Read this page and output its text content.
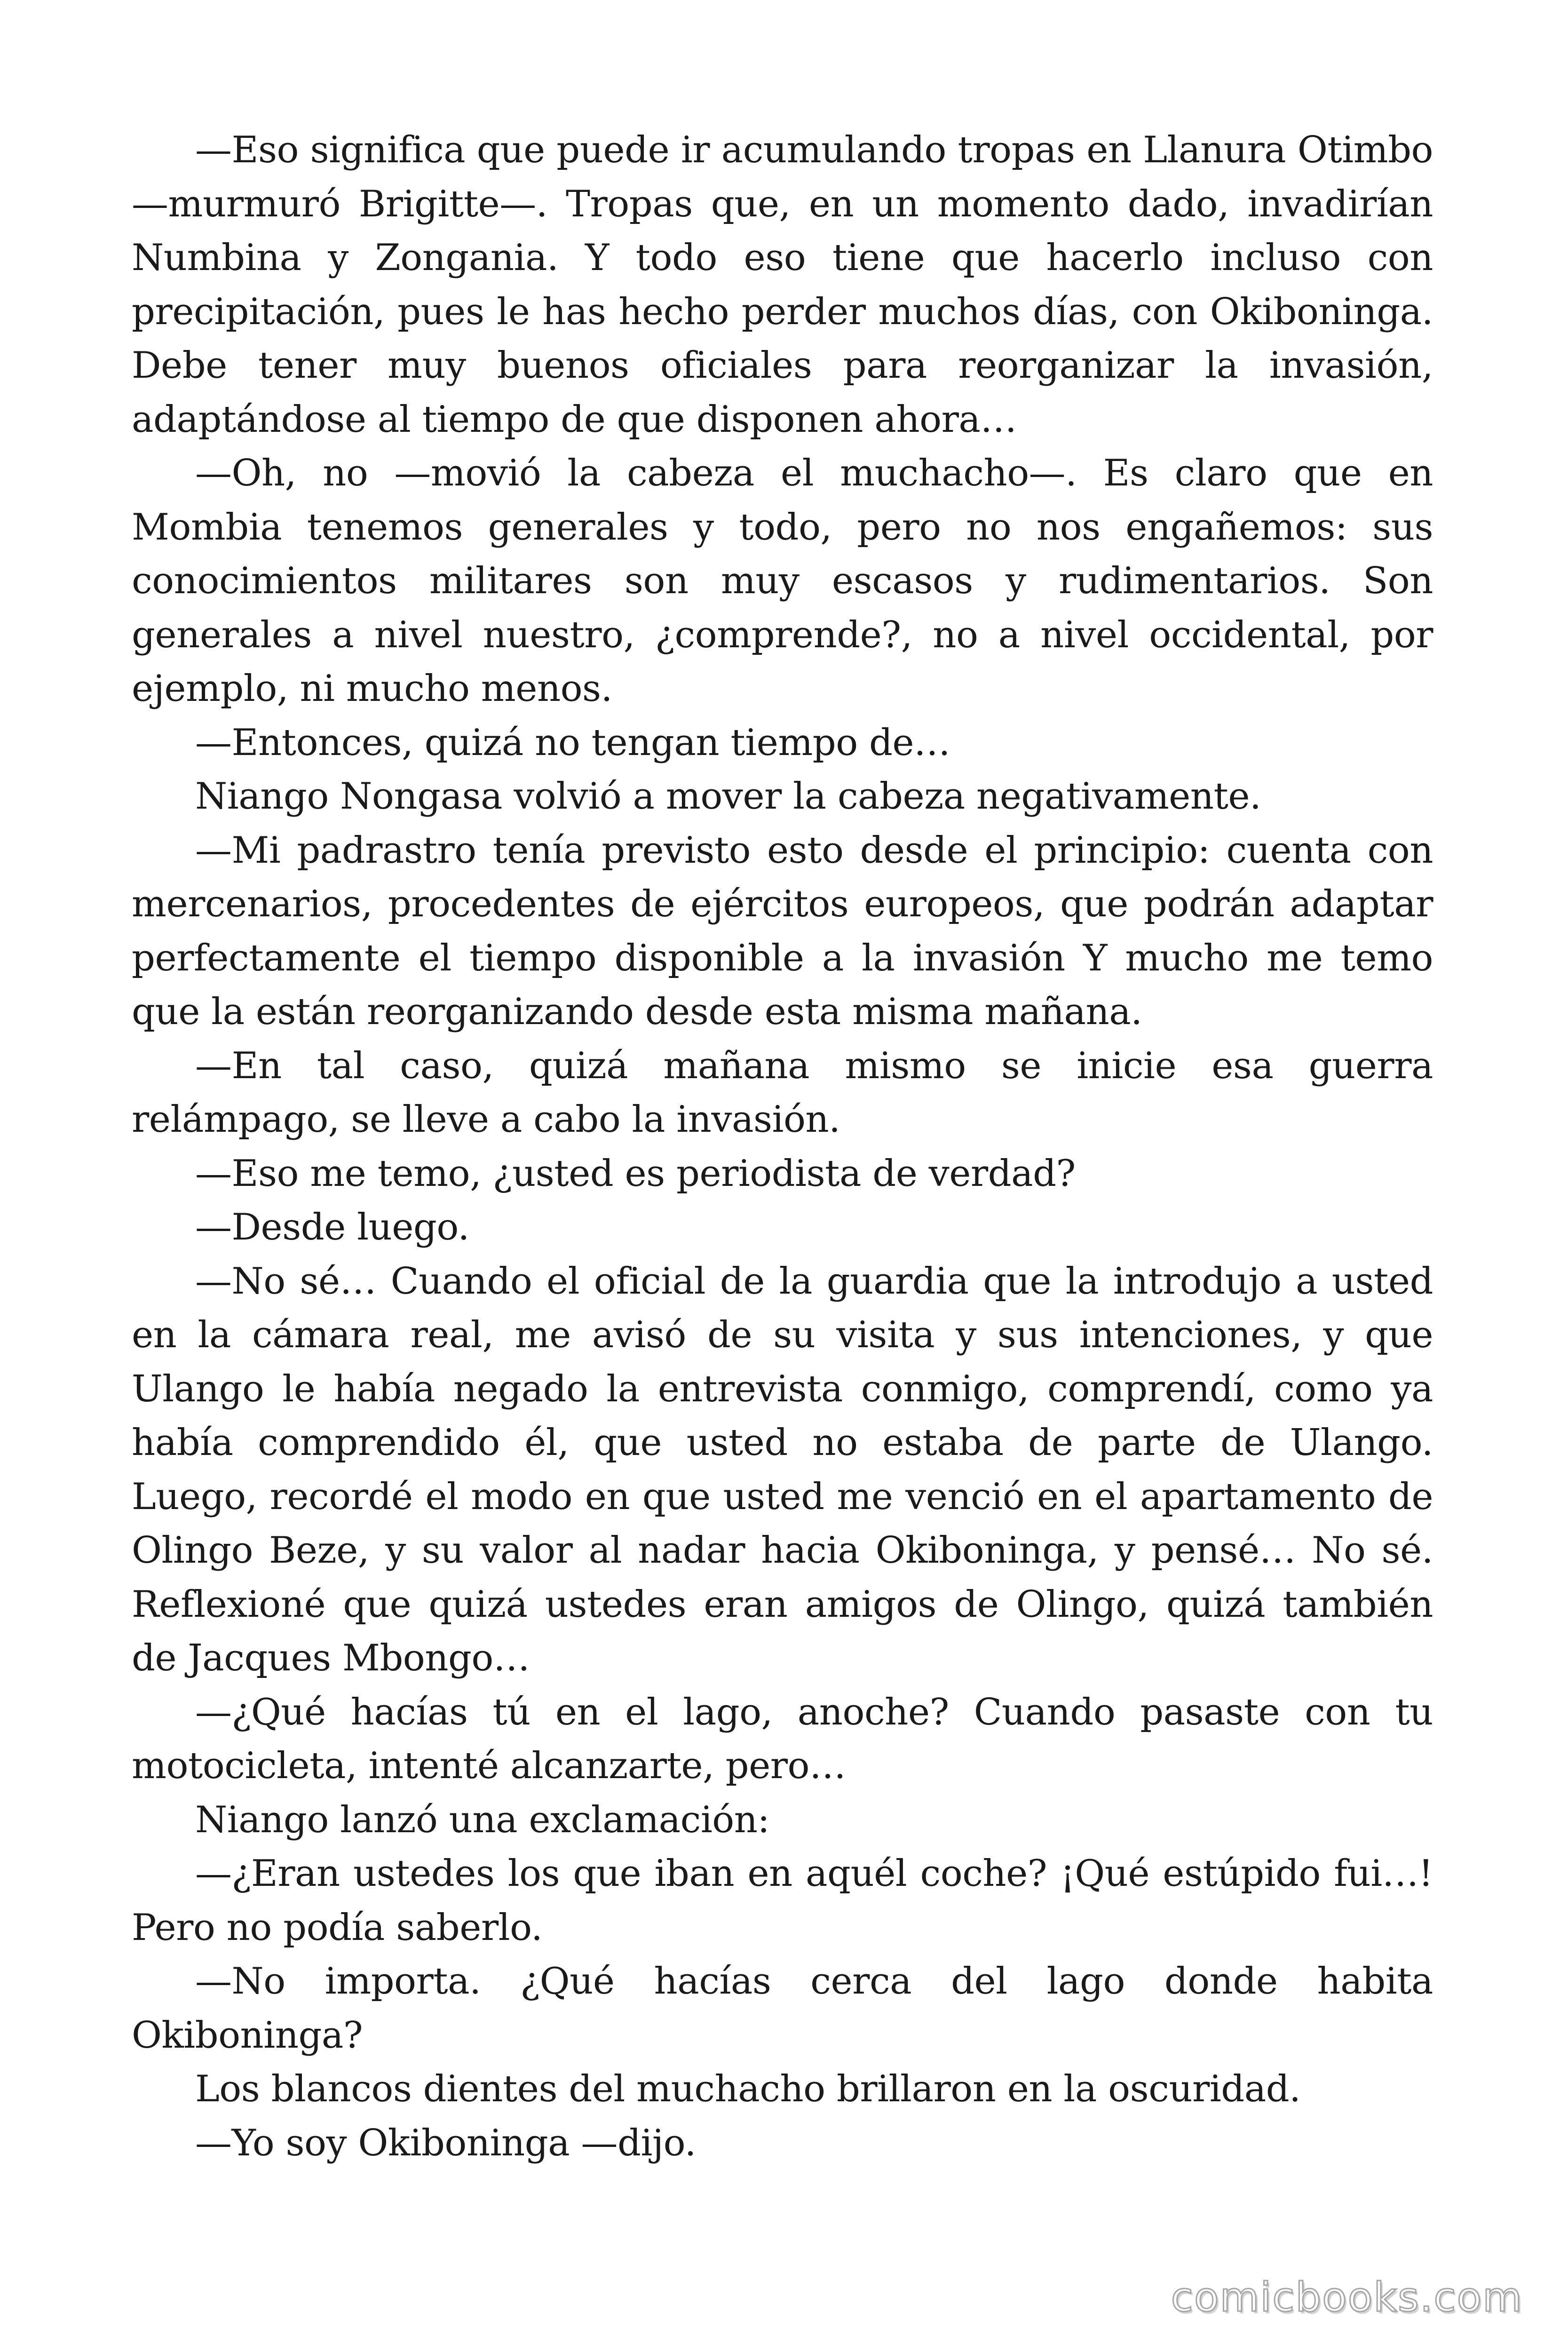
—Eso significa que puede ir acumulando tropas en Llanura Otimbo —murmuró Brigitte—. Tropas que, en un momento dado, invadirían Numbina y Zongania. Y todo eso tiene que hacerlo incluso con precipitación, pues le has hecho perder muchos días, con Okiboninga. Debe tener muy buenos oficiales para reorganizar la invasión, adaptándose al tiempo de que disponen ahora…

—Oh, no —movió la cabeza el muchacho—. Es claro que en Mombia tenemos generales y todo, pero no nos engañemos: sus conocimientos militares son muy escasos y rudimentarios. Son generales a nivel nuestro, ¿comprende?, no a nivel occidental, por ejemplo, ni mucho menos.

—Entonces, quizá no tengan tiempo de…

Niango Nongasa volvió a mover la cabeza negativamente.

—Mi padrastro tenía previsto esto desde el principio: cuenta con mercenarios, procedentes de ejércitos europeos, que podrán adaptar perfectamente el tiempo disponible a la invasión Y mucho me temo que la están reorganizando desde esta misma mañana.

—En tal caso, quizá mañana mismo se inicie esa guerra relámpago, se lleve a cabo la invasión.

—Eso me temo, ¿usted es periodista de verdad?

—Desde luego.

—No sé… Cuando el oficial de la guardia que la introdujo a usted en la cámara real, me avisó de su visita y sus intenciones, y que Ulango le había negado la entrevista conmigo, comprendí, como ya había comprendido él, que usted no estaba de parte de Ulango. Luego, recordé el modo en que usted me venció en el apartamento de Olingo Beze, y su valor al nadar hacia Okiboninga, y pensé… No sé. Reflexioné que quizá ustedes eran amigos de Olingo, quizá también de Jacques Mbongo…

—¿Qué hacías tú en el lago, anoche? Cuando pasaste con tu motocicleta, intenté alcanzarte, pero…

Niango lanzó una exclamación:

—¿Eran ustedes los que iban en aquél coche? ¡Qué estúpido fui…! Pero no podía saberlo.

—No importa. ¿Qué hacías cerca del lago donde habita Okiboninga?

Los blancos dientes del muchacho brillaron en la oscuridad.

—Yo soy Okiboninga —dijo.

comicbooks.com
